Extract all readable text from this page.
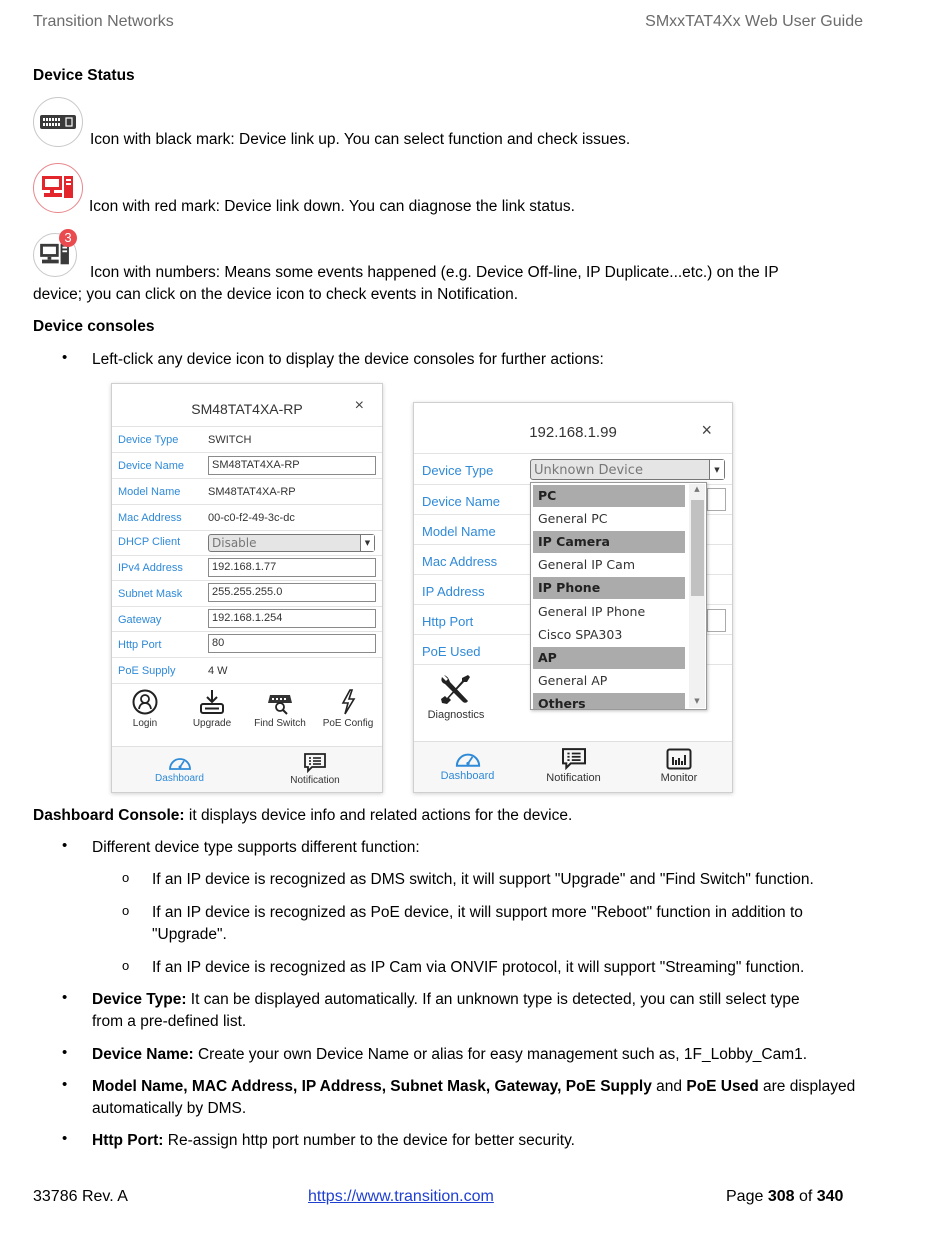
Transition Networks	SMxxTAT4Xx Web User Guide
Device Status
Icon with black mark: Device link up. You can select function and check issues.
Icon with red mark: Device link down. You can diagnose the link status.
3
Icon with numbers: Means some events happened (e.g. Device Off-line, IP Duplicate...etc.) on the IP
device; you can click on the device icon to check events in Notification.
Device consoles
• Left-click any device icon to display the device consoles for further actions:
SM48TAT4XA-RP	×
Device Type	SWITCH
Device Name	SM48TAT4XA-RP
Model Name	SM48TAT4XA-RP
Mac Address 00-c0-f2-49-3c-dc
DHCP Client	Disable	▼
IPv4 Address	192.168.1.77
Subnet Mask	255.255.255.0
Gateway	192.168.1.254
Http Port	80
PoE Supply	4 W
Login	Upgrade	Find Switch	PoE Config
Dashboard	Notification
192.168.1.99	×
Device Type	Unknown Device	▼
Device Name
Model Name
Mac Address
IP Address
Http Port
PoE Used
Diagnostics
Dashboard	Notification	Monitor
PC
General PC
IP Camera
General IP Cam
IP Phone
General IP Phone
Cisco SPA303
AP
General AP
Others
▲
▼
Dashboard Console: it displays device info and related actions for the device.
• Different device type supports different function:
o If an IP device is recognized as DMS switch, it will support "Upgrade" and "Find Switch" function.
o If an IP device is recognized as PoE device, it will support more "Reboot" function in addition to
"Upgrade".
o If an IP device is recognized as IP Cam via ONVIF protocol, it will support "Streaming" function.
• Device Type: It can be displayed automatically. If an unknown type is detected, you can still select type
from a pre-defined list.
• Device Name: Create your own Device Name or alias for easy management such as, 1F_Lobby_Cam1.
• Model Name, MAC Address, IP Address, Subnet Mask, Gateway, PoE Supply and PoE Used are displayed
automatically by DMS.
• Http Port: Re-assign http port number to the device for better security.
33786 Rev. A	https://www.transition.com	Page 308 of 340
